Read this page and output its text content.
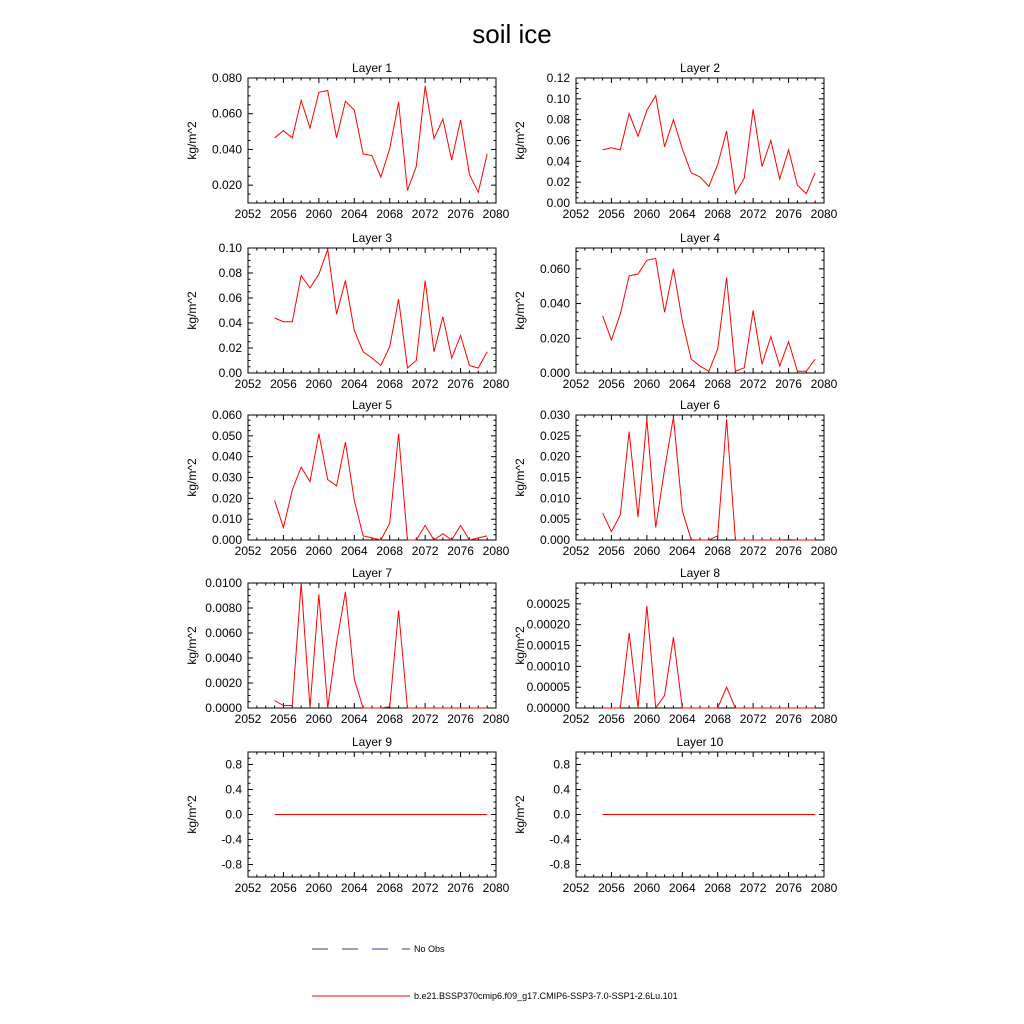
soil ice
Layer 1
kg/m^2
2052 2056 2060 2064 2068 2072 2076 2080
0.020
0.040
0.060
0.080
Layer 2
kg/m^2
2052 2056 2060 2064 2068 2072 2076 2080
0.00
0.02
0.04
0.06
0.08
0.10
0.12
Layer 3
kg/m^2
2052 2056 2060 2064 2068 2072 2076 2080
0.00
0.02
0.04
0.06
0.08
0.10
Layer 4
kg/m^2
2052 2056 2060 2064 2068 2072 2076 2080
0.000
0.020
0.040
0.060
Layer 5
kg/m^2
2052 2056 2060 2064 2068 2072 2076 2080
0.000
0.010
0.020
0.030
0.040
0.050
0.060
Layer 6
kg/m^2
2052 2056 2060 2064 2068 2072 2076 2080
0.000
0.005
0.010
0.015
0.020
0.025
0.030
Layer 7
kg/m^2
2052 2056 2060 2064 2068 2072 2076 2080
0.0000
0.0020
0.0040
0.0060
0.0080
0.0100
Layer 8
kg/m^2
2052 2056 2060 2064 2068 2072 2076 2080
0.00000
0.00005
0.00010
0.00015
0.00020
0.00025
Layer 9
kg/m^2
2052 2056 2060 2064 2068 2072 2076 2080
-0.8
-0.4
0.0
0.4
0.8
Layer 10
kg/m^2
2052 2056 2060 2064 2068 2072 2076 2080
-0.8
-0.4
0.0
0.4
0.8
No Obs
b.e21.BSSP370cmip6.f09_g17.CMIP6-SSP3-7.0-SSP1-2.6Lu.101
